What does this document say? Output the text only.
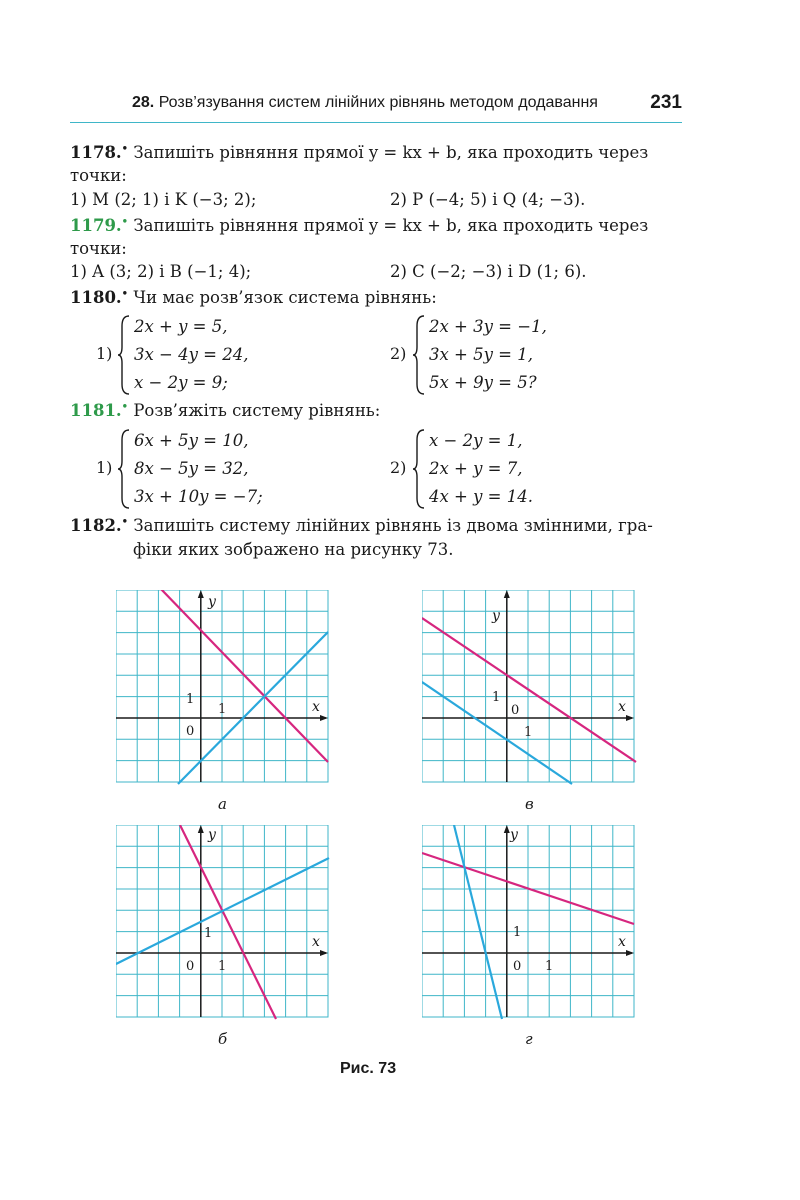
28. Розв’язування систем лінійних рівнянь методом додавання	231
1178.• Запишіть рівняння прямої y = kx + b, яка проходить через
точки:
1) M (2; 1) і K (−3; 2);	2) P (−4; 5) і Q (4; −3).
1179.• Запишіть рівняння прямої y = kx + b, яка проходить через
точки:
1) A (3; 2) і B (−1; 4);	2) C (−2; −3) і D (1; 6).
1180.• Чи має розв’язок система рівнянь:
1)
2x + y = 5,
3x − 4y = 24,
x − 2y = 9;
2)
2x + 3y = −1,
3x + 5y = 1,
5x + 9y = 5?
1181.• Розв’яжіть систему рівнянь:
1)
6x + 5y = 10,
8x − 5y = 32,
3x + 10y = −7;
2)
x − 2y = 1,
2x + y = 7,
4x + y = 14.
1182.• Запишіть систему лінійних рівнянь із двома змінними, гра-
фіки яких зображено на рисунку 73.
y
x
0
1
1
а
y
x
0
1
1
в
y
x
0
1
1
б
y
x
0
1
1
г
Рис. 73
